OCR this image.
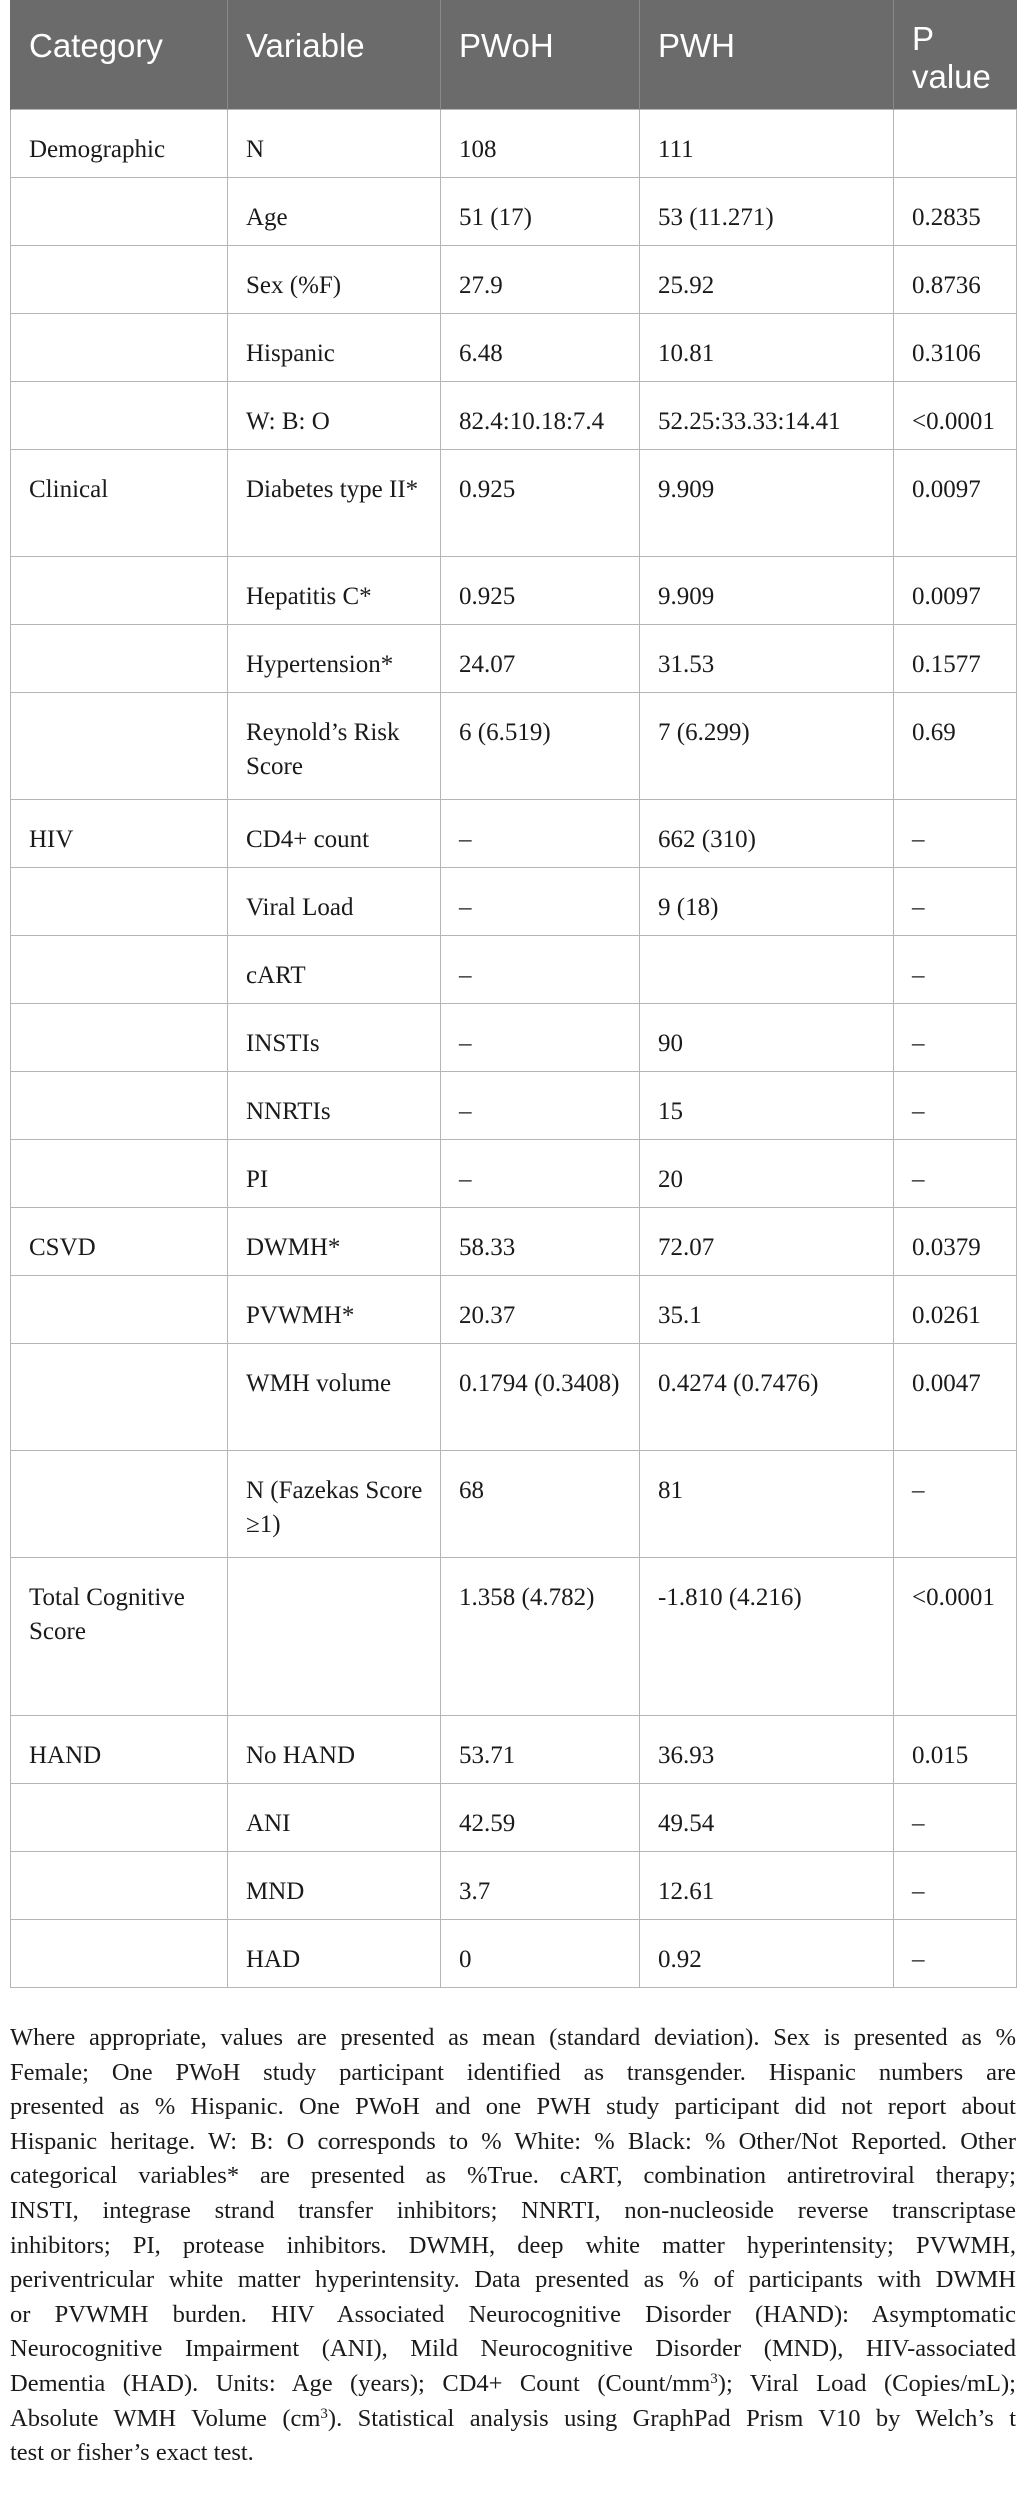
Category	Variable	PWoH	PWH	P
value
Demographic	N	108	111	
	Age	51 (17)	53 (11.271)	0.2835
	Sex (%F)	27.9	25.92	0.8736
	Hispanic	6.48	10.81	0.3106
	W: B: O	82.4:10.18:7.4	52.25:33.33:14.41	<0.0001
Clinical	Diabetes type II*	0.925	9.909	0.0097
	Hepatitis C*	0.925	9.909	0.0097
	Hypertension*	24.07	31.53	0.1577
	Reynold’s Risk Score	6 (6.519)	7 (6.299)	0.69
HIV	CD4+ count	–	662 (310)	–
	Viral Load	–	9 (18)	–
	cART	–		–
	INSTIs	–	90	–
	NNRTIs	–	15	–
	PI	–	20	–
CSVD	DWMH*	58.33	72.07	0.0379
	PVWMH*	20.37	35.1	0.0261
	WMH volume	0.1794 (0.3408)	0.4274 (0.7476)	0.0047
	N (Fazekas Score ≥1)	68	81	–
Total Cognitive Score		1.358 (4.782)	-1.810 (4.216)	<0.0001
HAND	No HAND	53.71	36.93	0.015
	ANI	42.59	49.54	–
	MND	3.7	12.61	–
	HAD	0	0.92	–

Where appropriate, values are presented as mean (standard deviation). Sex is presented as %
Female; One PWoH study participant identified as transgender. Hispanic numbers are
presented as % Hispanic. One PWoH and one PWH study participant did not report about
Hispanic heritage. W: B: O corresponds to % White: % Black: % Other/Not Reported. Other
categorical variables* are presented as %True. cART, combination antiretroviral therapy;
INSTI, integrase strand transfer inhibitors; NNRTI, non-nucleoside reverse transcriptase
inhibitors; PI, protease inhibitors. DWMH, deep white matter hyperintensity; PVWMH,
periventricular white matter hyperintensity. Data presented as % of participants with DWMH
or PVWMH burden. HIV Associated Neurocognitive Disorder (HAND): Asymptomatic
Neurocognitive Impairment (ANI), Mild Neurocognitive Disorder (MND), HIV-associated
Dementia (HAD). Units: Age (years); CD4+ Count $(Count/mm^3)$; Viral Load (Copies/mL);
Absolute WMH Volume $(cm^3)$. Statistical analysis using GraphPad Prism V10 by Welch’s t
test or fisher’s exact test.
